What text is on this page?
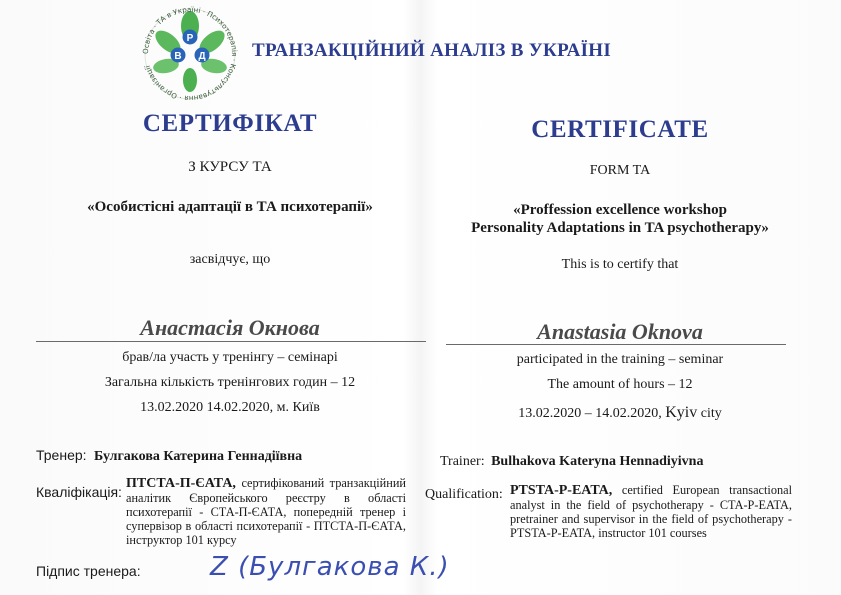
Р
В Д
Освіта · ТА в Україні · Психотерапія · Консультування · Організації
ТРАНЗАКЦІЙНИЙ АНАЛІЗ В УКРАЇНІ
СЕРТИФІКАТ
З КУРСУ ТА
«Особистісні адаптації в ТА психотерапії»
засвідчує, що
Анастасія Окнова
брав/ла участь у тренінгу – семінарі
Загальна кількість тренінгових годин – 12
13.02.2020 14.02.2020, м. Київ
Тренер: Булгакова Катерина Геннадіївна
Кваліфікація:
ПТСТА-П-ЄАТА, сертифікований транзакційний аналітик Європейського реєстру в області психотерапії - СТА-П-ЄАТА, попередній тренер і супервізор в області психотерапії - ПТСТА-П-ЄАТА, інструктор 101 курсу
Підпис тренера:	Z (Булгакова К.)
CERTIFICATE
FORM TA
«Proffession excellence workshop
Personality Adaptations in TA psychotherapy»
This is to certify that
Anastasia Oknova
participated in the training – seminar
The amount of hours – 12
13.02.2020 – 14.02.2020, Kyiv city
Trainer: Bulhakova Kateryna Hennadiyivna
Qualification: PTSTA-P-EATA, certified European transactional analyst in the field of psychotherapy - CTA-P-EATA, pretrainer and supervisor in the field of psychotherapy - PTSTA-P-EATA, instructor 101 courses
